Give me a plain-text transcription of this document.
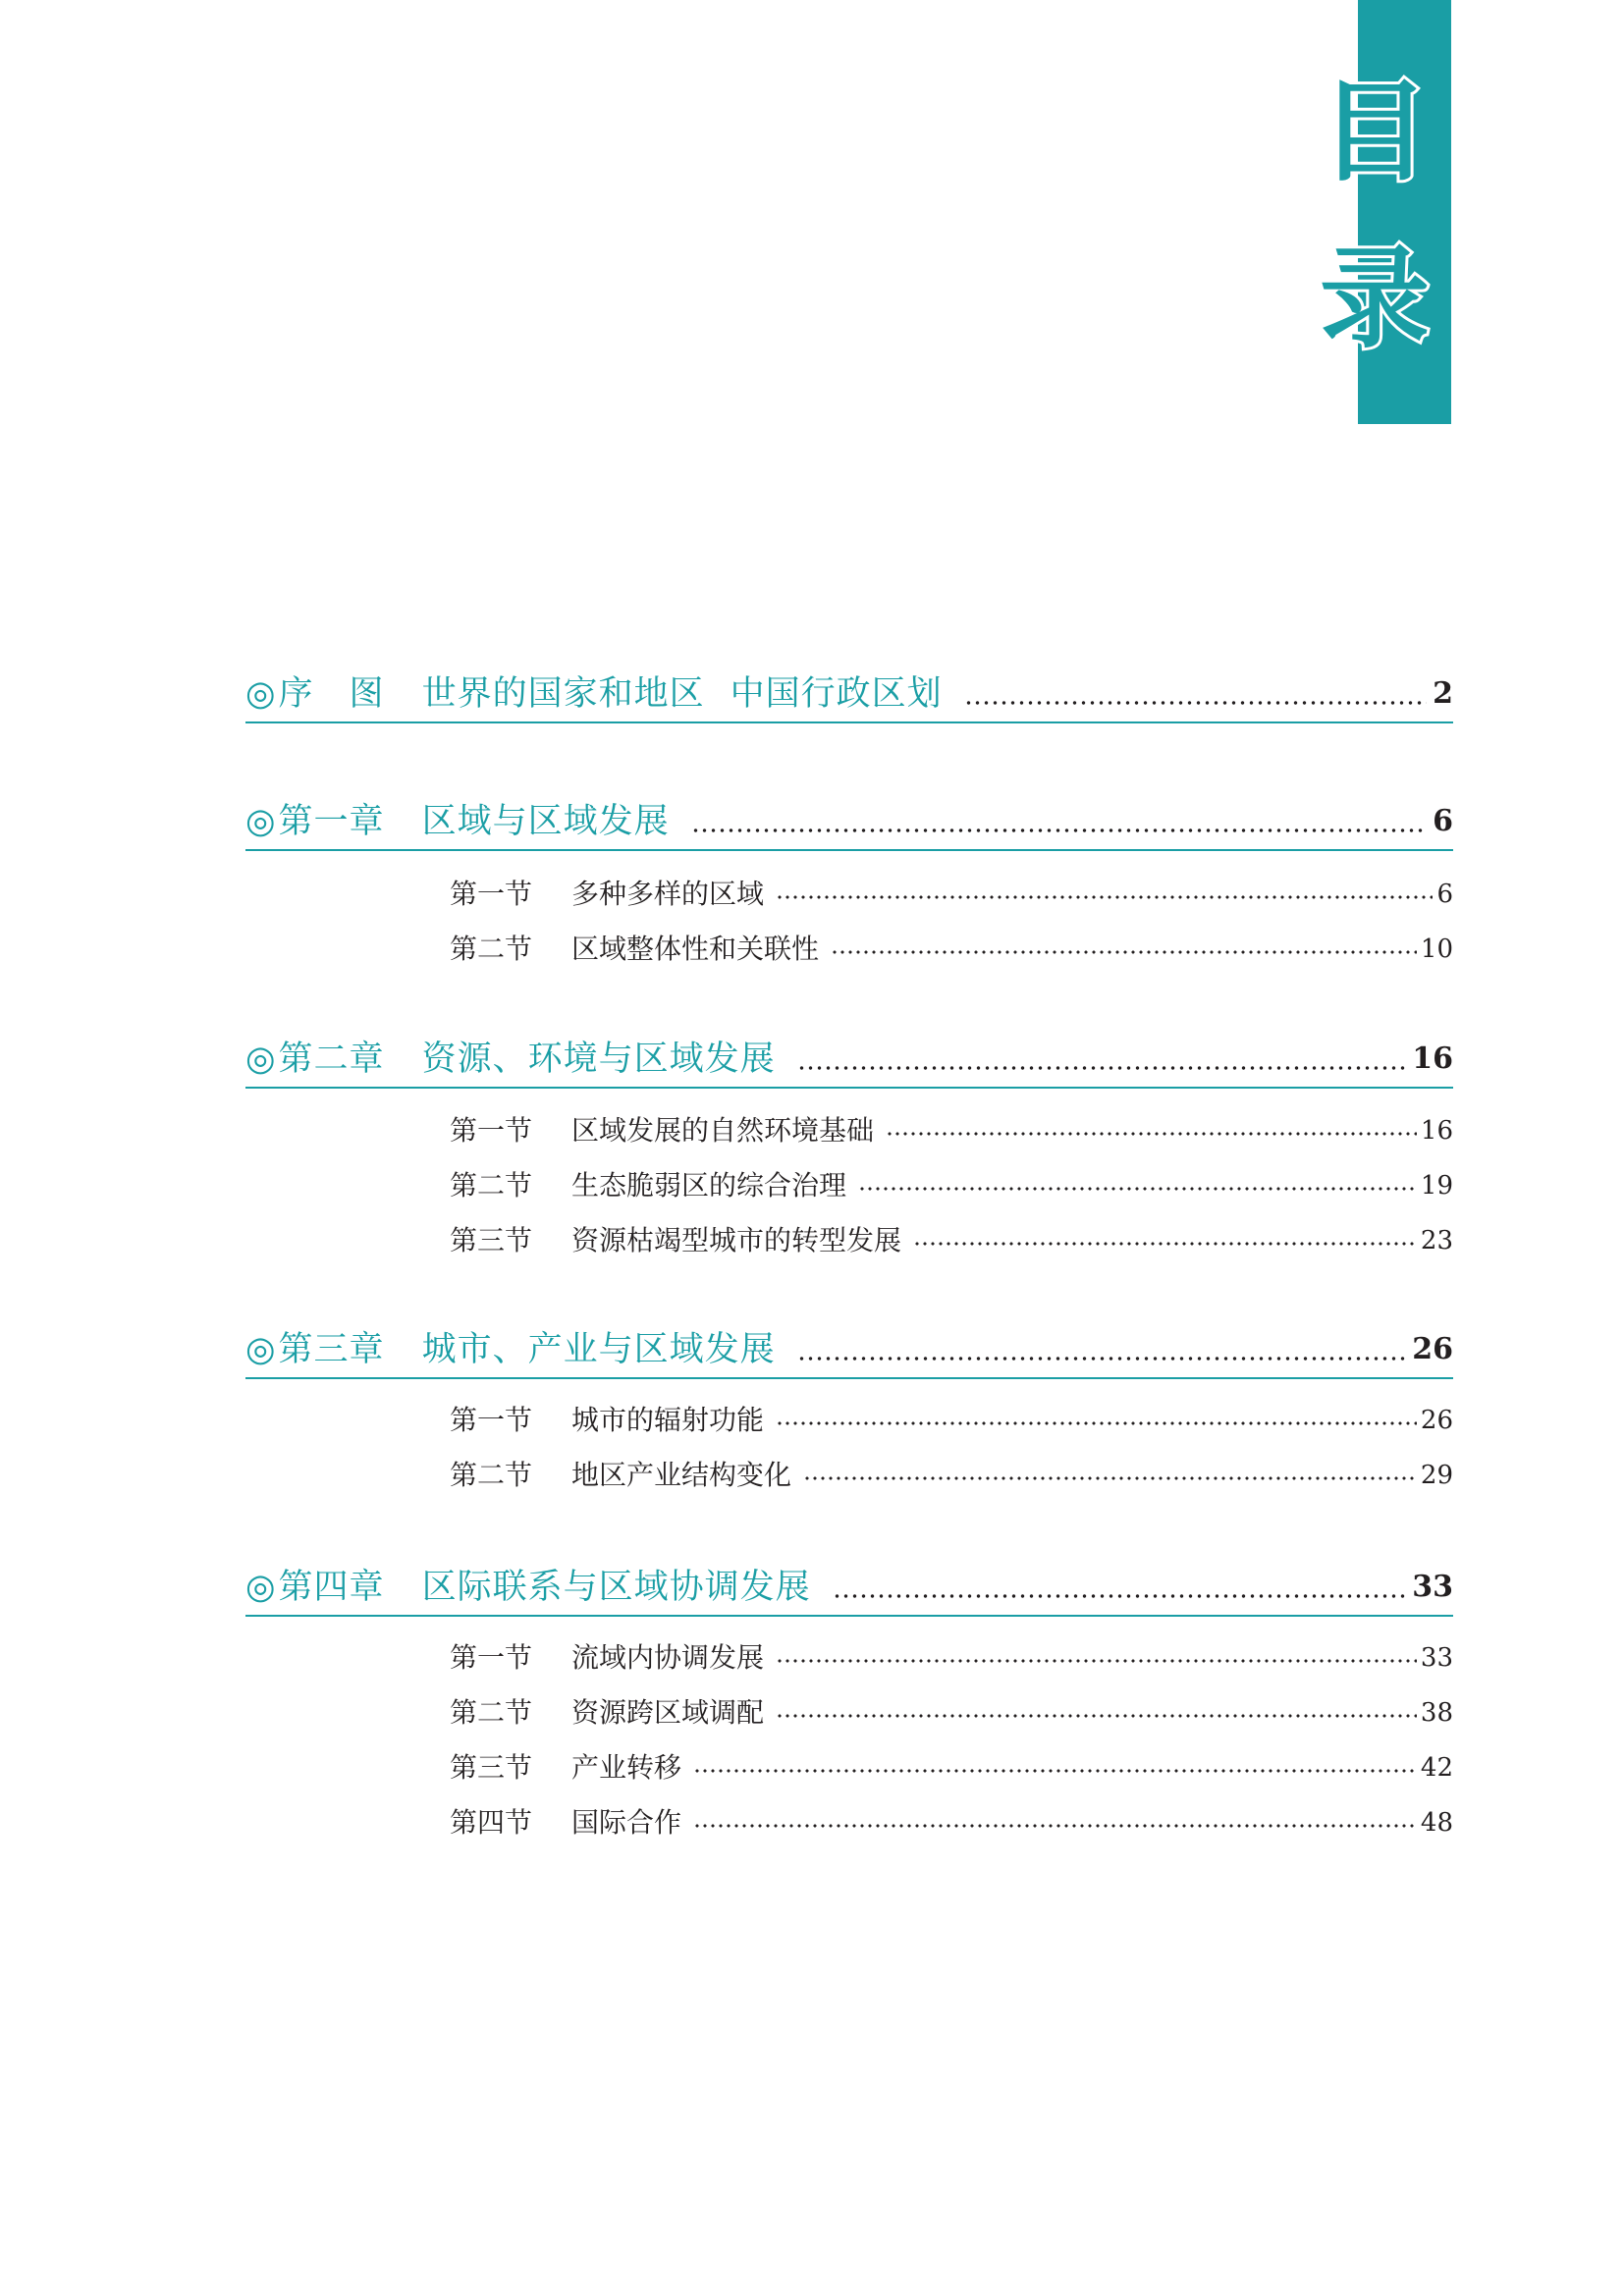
目
录
◎序　图 世界的国家和地区 中国行政区划	2
◎第一章 区域与区域发展	6
第一节	多种多样的区域	6
第二节	区域整体性和关联性	10
◎第二章 资源、环境与区域发展	16
第一节	区域发展的自然环境基础	16
第二节	生态脆弱区的综合治理	19
第三节	资源枯竭型城市的转型发展	23
◎第三章 城市、产业与区域发展	26
第一节	城市的辐射功能	26
第二节	地区产业结构变化	29
◎第四章 区际联系与区域协调发展	33
第一节	流域内协调发展	33
第二节	资源跨区域调配	38
第三节	产业转移	42
第四节	国际合作	48
